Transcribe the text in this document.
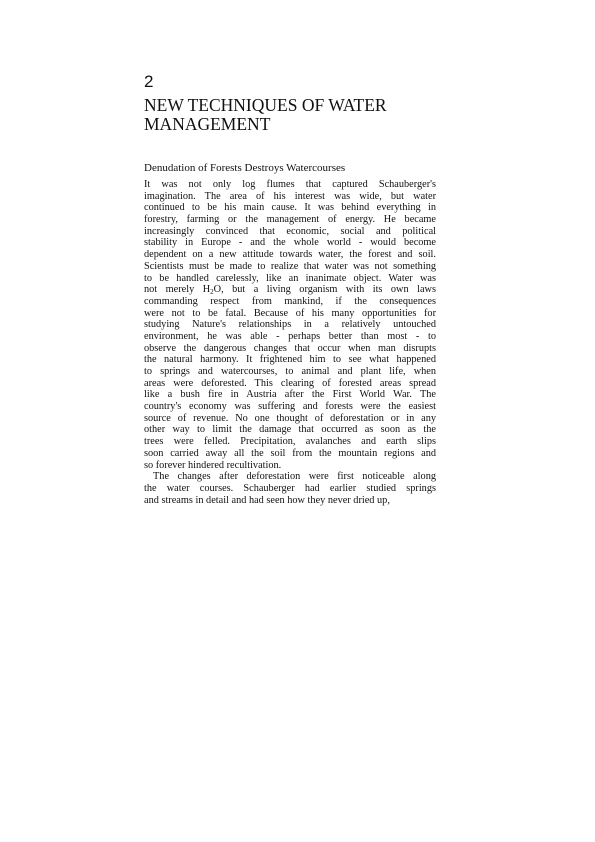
2
NEW TECHNIQUES OF WATER
MANAGEMENT
Denudation of Forests Destroys Watercourses
It was not only log flumes that captured Schauberger's
imagination. The area of his interest was wide, but water
continued to be his main cause. It was behind everything in
forestry, farming or the management of energy. He became
increasingly convinced that economic, social and political
stability in Europe - and the whole world - would become
dependent on a new attitude towards water, the forest and soil.
Scientists must be made to realize that water was not something
to be handled carelessly, like an inanimate object. Water was
not merely $H_2O$, but a living organism with its own laws
commanding respect from mankind, if the consequences
were not to be fatal. Because of his many opportunities for
studying Nature's relationships in a relatively untouched
environment, he was able - perhaps better than most - to
observe the dangerous changes that occur when man disrupts
the natural harmony. It frightened him to see what happened
to springs and watercourses, to animal and plant life, when
areas were deforested. This clearing of forested areas spread
like a bush fire in Austria after the First World War. The
country's economy was suffering and forests were the easiest
source of revenue. No one thought of deforestation or in any
other way to limit the damage that occurred as soon as the
trees were felled. Precipitation, avalanches and earth slips
soon carried away all the soil from the mountain regions and
so forever hindered recultivation.
The changes after deforestation were first noticeable along
the water courses. Schauberger had earlier studied springs
and streams in detail and had seen how they never dried up,
